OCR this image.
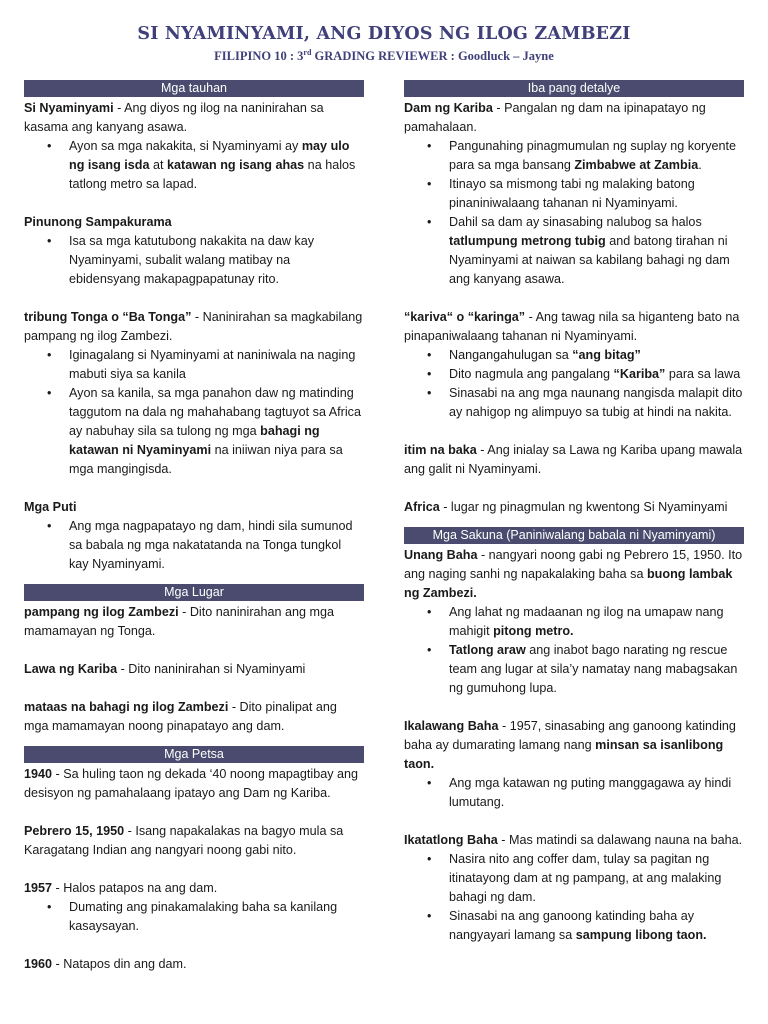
SI NYAMINYAMI, ANG DIYOS NG ILOG ZAMBEZI
FILIPINO 10 : 3rd GRADING REVIEWER : Goodluck – Jayne
Mga tauhan

Si Nyaminyami - Ang diyos ng ilog na naninirahan sa kasama ang kanyang asawa.

• Ayon sa mga nakakita, si Nyaminyami ay may ulo ng isang isda at katawan ng isang ahas na halos tatlong metro sa lapad.

Pinunong Sampakurama

• Isa sa mga katutubong nakakita na daw kay Nyaminyami, subalit walang matibay na ebidensyang makapagpapatunay rito.

tribung Tonga o “Ba Tonga” - Naninirahan sa magkabilang pampang ng ilog Zambezi.

• Iginagalang si Nyaminyami at naniniwala na naging mabuti siya sa kanila
• Ayon sa kanila, sa mga panahon daw ng matinding taggutom na dala ng mahahabang tagtuyot sa Africa ay nabuhay sila sa tulong ng mga bahagi ng katawan ni Nyaminyami na iniiwan niya para sa mga mangingisda.

Mga Puti

• Ang mga nagpapatayo ng dam, hindi sila sumunod sa babala ng mga nakatatanda na Tonga tungkol kay Nyaminyami.
Mga Lugar

pampang ng ilog Zambezi - Dito naninirahan ang mga mamamayan ng Tonga.

Lawa ng Kariba - Dito naninirahan si Nyaminyami

mataas na bahagi ng ilog Zambezi - Dito pinalipat ang mga mamamayan noong pinapatayo ang dam.

Mga Petsa

1940 - Sa huling taon ng dekada ‘40 noong mapagtibay ang desisyon ng pamahalaang ipatayo ang Dam ng Kariba.

Pebrero 15, 1950 - Isang napakalakas na bagyo mula sa Karagatang Indian ang nangyari noong gabi nito.

1957 - Halos patapos na ang dam.

• Dumating ang pinakamalaking baha sa kanilang kasaysayan.

1960 - Natapos din ang dam.

Iba pang detalye

Dam ng Kariba - Pangalan ng dam na ipinapatayo ng pamahalaan.

• Pangunahing pinagmumulan ng suplay ng koryente para sa mga bansang Zimbabwe at Zambia.
• Itinayo sa mismong tabi ng malaking batong pinaniniwalaang tahanan ni Nyaminyami.
• Dahil sa dam ay sinasabing nalubog sa halos tatlumpung metrong tubig and batong tirahan ni Nyaminyami at naiwan sa kabilang bahagi ng dam ang kanyang asawa.

“kariva“ o “karinga” - Ang tawag nila sa higanteng bato na pinapaniwalaang tahanan ni Nyaminyami.

• Nangangahulugan sa “ang bitag”
• Dito nagmula ang pangalang “Kariba” para sa lawa
• Sinasabi na ang mga naunang nangisda malapit dito ay nahigop ng alimpuyo sa tubig at hindi na nakita.

itim na baka - Ang inialay sa Lawa ng Kariba upang mawala ang galit ni Nyaminyami.

Africa - lugar ng pinagmulan ng kwentong Si Nyaminyami

Mga Sakuna (Paniniwalang babala ni Nyaminyami)

Unang Baha - nangyari noong gabi ng Pebrero 15, 1950. Ito ang naging sanhi ng napakalaking baha sa buong lambak ng Zambezi.

• Ang lahat ng madaanan ng ilog na umapaw nang mahigit pitong metro.
• Tatlong araw ang inabot bago narating ng rescue team ang lugar at sila’y namatay nang mabagsakan ng gumuhong lupa.

Ikalawang Baha - 1957, sinasabing ang ganoong katinding baha ay dumarating lamang nang minsan sa isanlibong taon.

• Ang mga katawan ng puting manggagawa ay hindi lumutang.

Ikatatlong Baha - Mas matindi sa dalawang nauna na baha.

• Nasira nito ang coffer dam, tulay sa pagitan ng itinatayong dam at ng pampang, at ang malaking bahagi ng dam.
• Sinasabi na ang ganoong katinding baha ay nangyayari lamang sa sampung libong taon.
